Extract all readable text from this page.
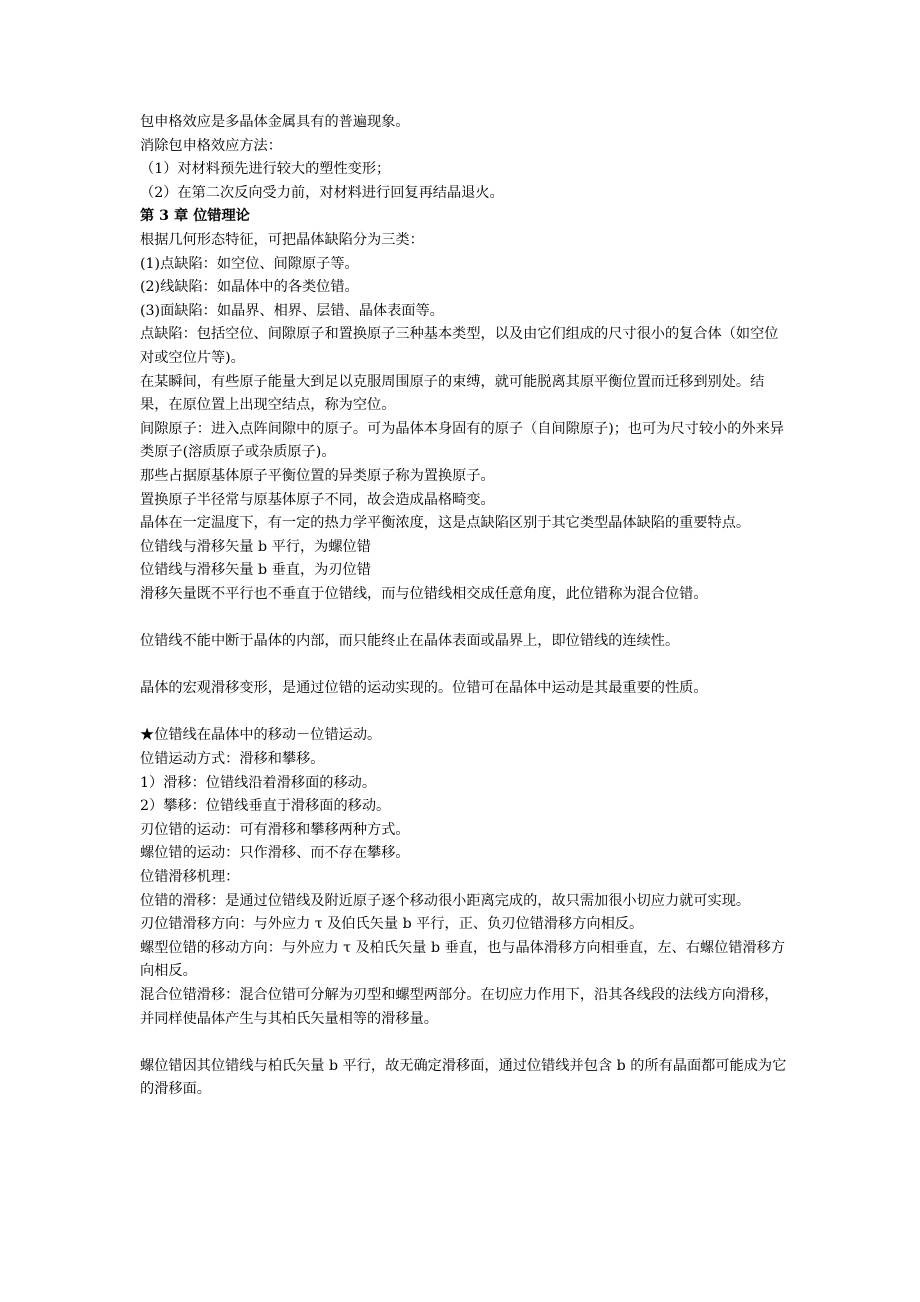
包申格效应是多晶体金属具有的普遍现象。
消除包申格效应方法：
（1）对材料预先进行较大的塑性变形；
（2）在第二次反向受力前，对材料进行回复再结晶退火。
第 3 章 位错理论
根据几何形态特征，可把晶体缺陷分为三类：
(1)点缺陷：如空位、间隙原子等。
(2)线缺陷：如晶体中的各类位错。
(3)面缺陷：如晶界、相界、层错、晶体表面等。
点缺陷：包括空位、间隙原子和置换原子三种基本类型，以及由它们组成的尺寸很小的复合体（如空位对或空位片等)。
在某瞬间，有些原子能量大到足以克服周围原子的束缚，就可能脱离其原平衡位置而迁移到别处。结果，在原位置上出现空结点，称为空位。
间隙原子：进入点阵间隙中的原子。可为晶体本身固有的原子（自间隙原子)；也可为尺寸较小的外来异类原子(溶质原子或杂质原子)。
那些占据原基体原子平衡位置的异类原子称为置换原子。
置换原子半径常与原基体原子不同，故会造成晶格畸变。
晶体在一定温度下，有一定的热力学平衡浓度，这是点缺陷区别于其它类型晶体缺陷的重要特点。
位错线与滑移矢量 b 平行，为螺位错
位错线与滑移矢量 b 垂直，为刃位错
滑移矢量既不平行也不垂直于位错线，而与位错线相交成任意角度，此位错称为混合位错。
位错线不能中断于晶体的内部，而只能终止在晶体表面或晶界上，即位错线的连续性。
晶体的宏观滑移变形，是通过位错的运动实现的。位错可在晶体中运动是其最重要的性质。
★位错线在晶体中的移动－位错运动。
位错运动方式：滑移和攀移。
1）滑移：位错线沿着滑移面的移动。
2）攀移：位错线垂直于滑移面的移动。
刃位错的运动：可有滑移和攀移两种方式。
螺位错的运动：只作滑移、而不存在攀移。
位错滑移机理：
位错的滑移：是通过位错线及附近原子逐个移动很小距离完成的，故只需加很小切应力就可实现。
刃位错滑移方向：与外应力 τ 及伯氏矢量 b 平行，正、负刃位错滑移方向相反。
螺型位错的移动方向：与外应力 τ 及柏氏矢量 b 垂直，也与晶体滑移方向相垂直，左、右螺位错滑移方向相反。
混合位错滑移：混合位错可分解为刃型和螺型两部分。在切应力作用下，沿其各线段的法线方向滑移，并同样使晶体产生与其柏氏矢量相等的滑移量。
螺位错因其位错线与柏氏矢量 b 平行，故无确定滑移面，通过位错线并包含 b 的所有晶面都可能成为它的滑移面。
